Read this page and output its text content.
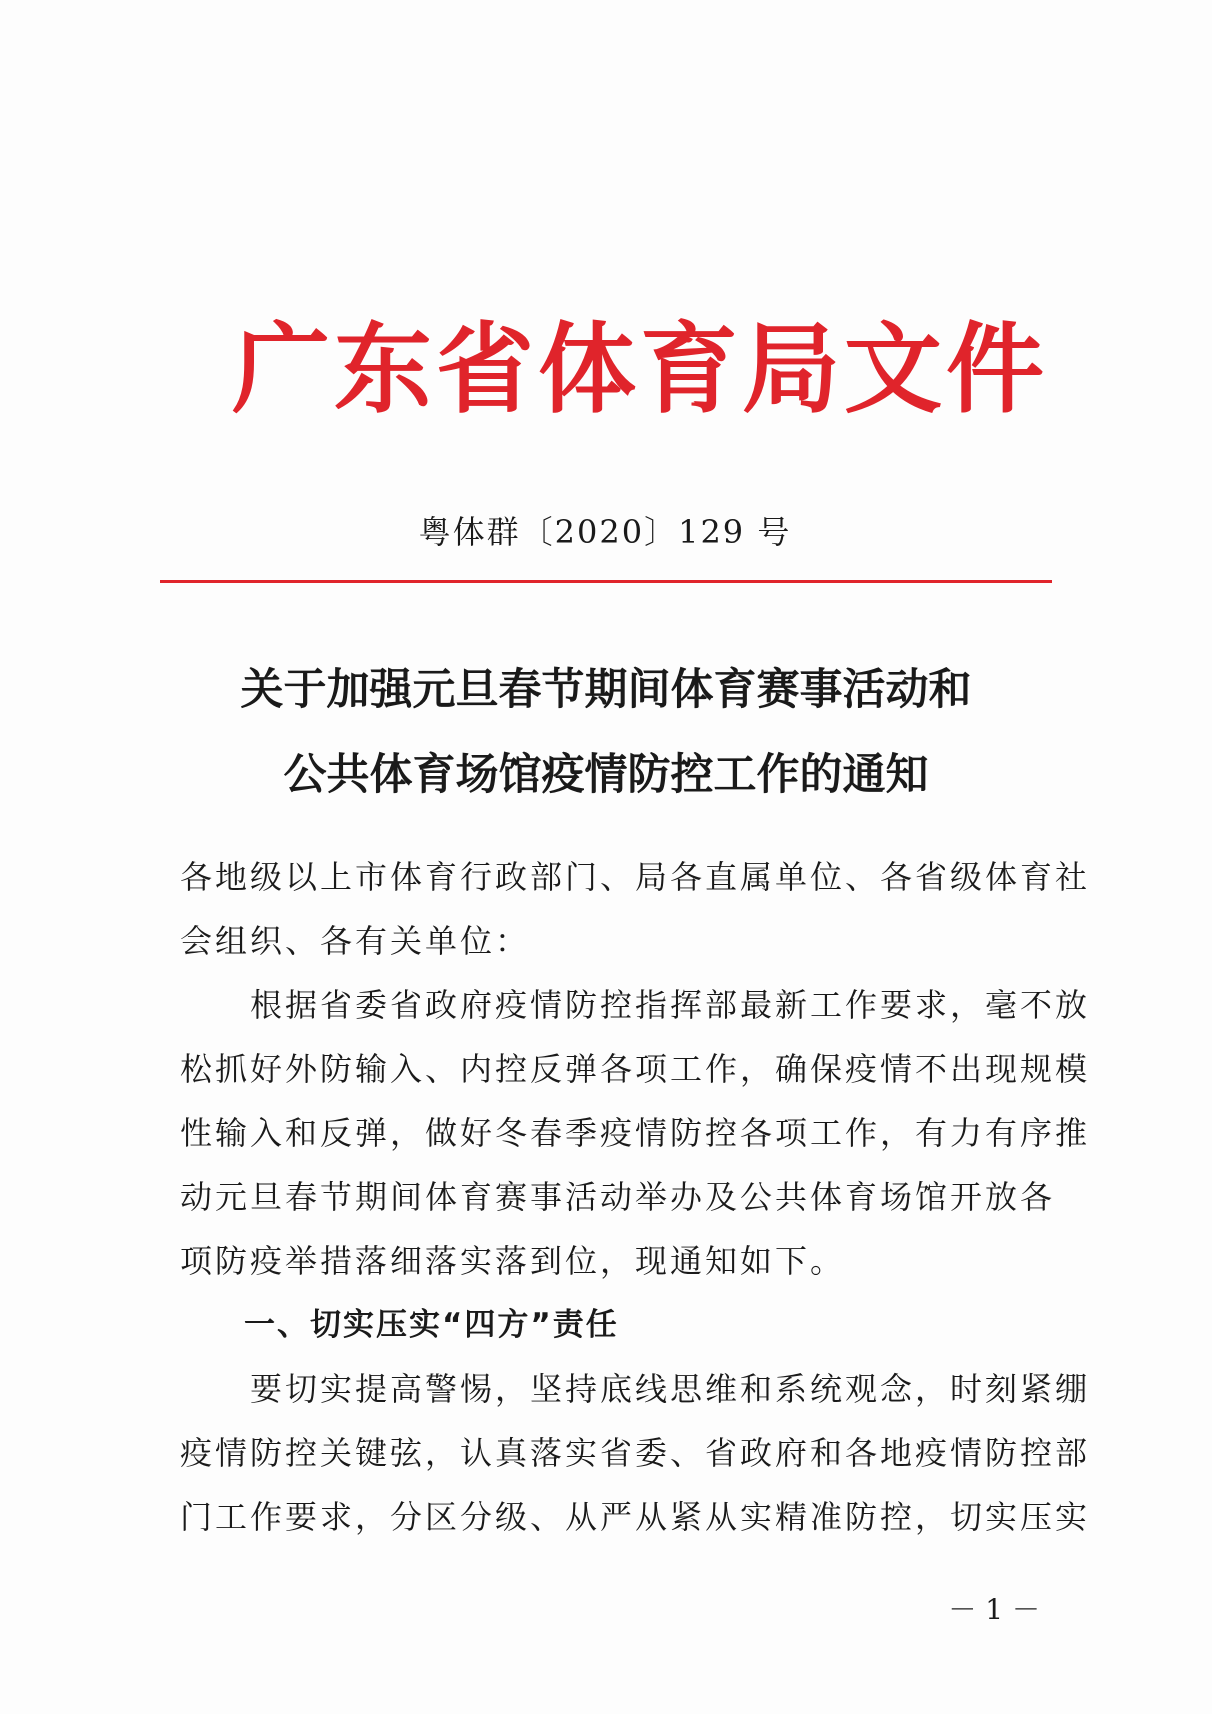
广东省体育局文件
粤体群〔2020〕129 号
关于加强元旦春节期间体育赛事活动和
公共体育场馆疫情防控工作的通知
各地级以上市体育行政部门、局各直属单位、各省级体育社
会组织、各有关单位：
　　根据省委省政府疫情防控指挥部最新工作要求，毫不放
松抓好外防输入、内控反弹各项工作，确保疫情不出现规模
性输入和反弹，做好冬春季疫情防控各项工作，有力有序推
动元旦春节期间体育赛事活动举办及公共体育场馆开放各
项防疫举措落细落实落到位，现通知如下。
一、切实压实“四方”责任
　　要切实提高警惕，坚持底线思维和系统观念，时刻紧绷
疫情防控关键弦，认真落实省委、省政府和各地疫情防控部
门工作要求，分区分级、从严从紧从实精准防控，切实压实
－ 1 －
